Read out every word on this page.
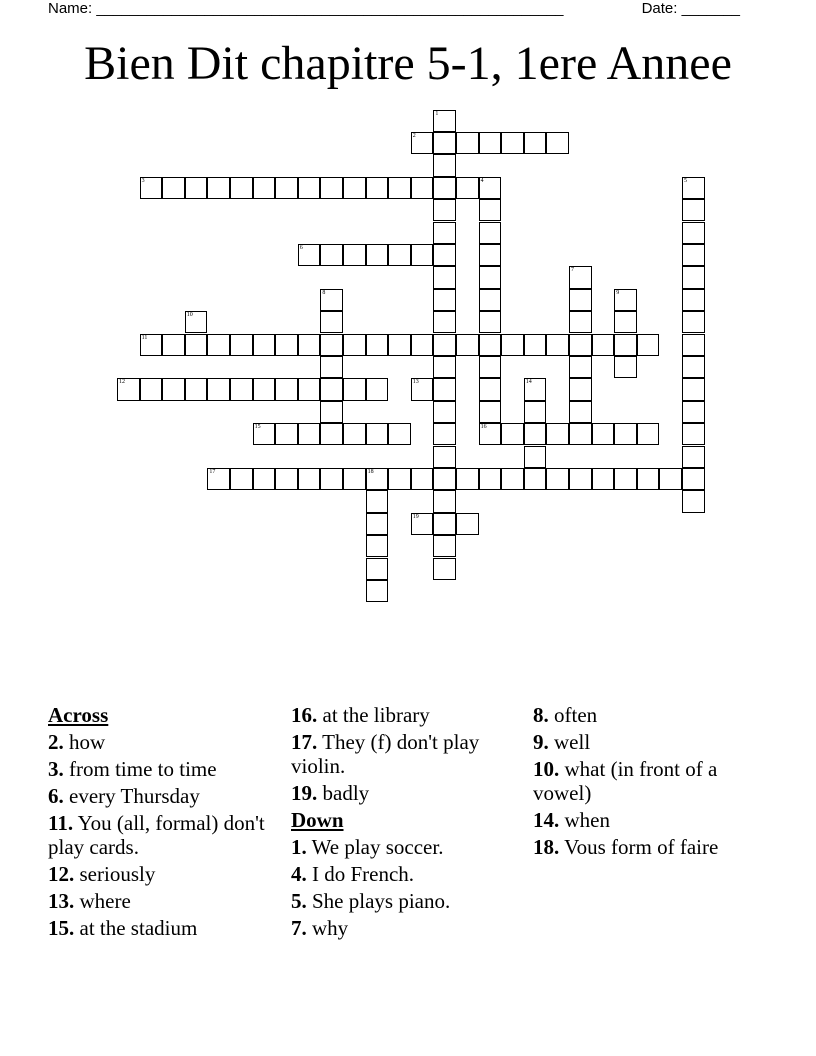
Name: ________________________________________________________	Date: _______
Bien Dit chapitre 5-1, 1ere Annee
2
3
6
11
12	13
15	16
17	18
19
1
4	5
7
8	9
10
14
Across
2. how
3. from time to time
6. every Thursday
11. You (all, formal) don't play cards.
12. seriously
13. where
15. at the stadium
16. at the library
17. They (f) don't play violin.
19. badly
Down
1. We play soccer.
4. I do French.
5. She plays piano.
7. why
8. often
9. well
10. what (in front of a vowel)
14. when
18. Vous form of faire
